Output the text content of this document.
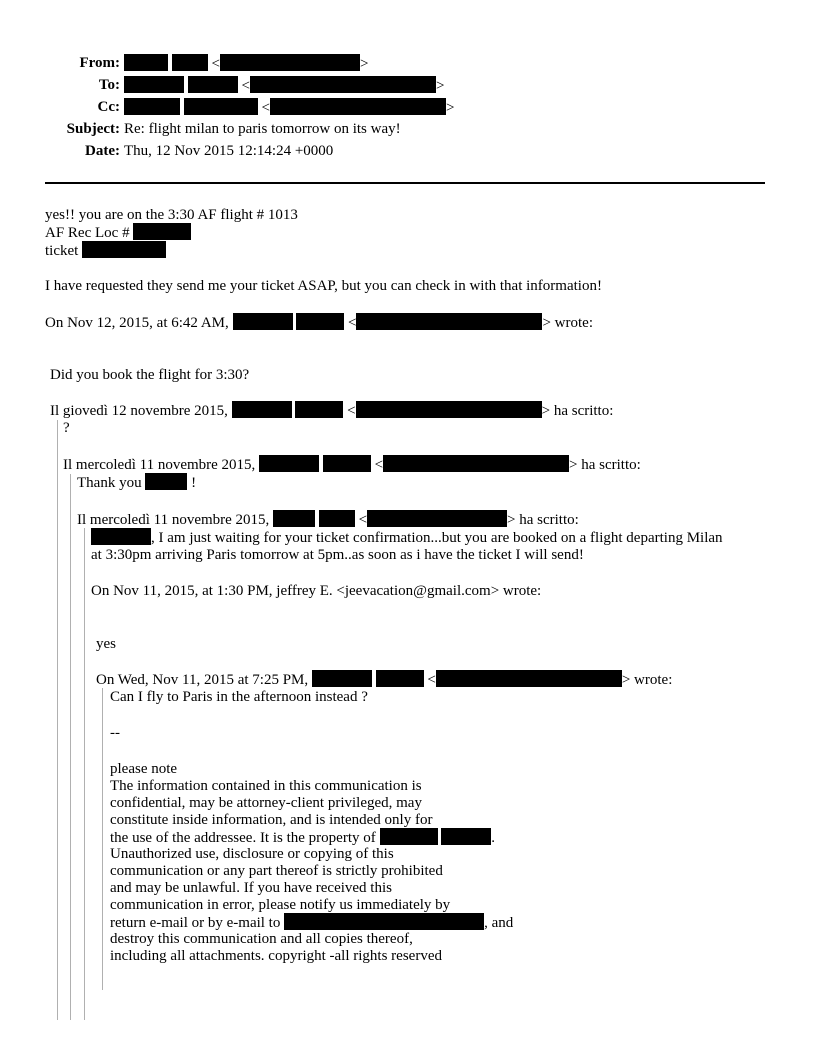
From:	<	>
To:	<	>
Cc:	<	>
Subject: Re: flight milan to paris tomorrow on its way!
Date: Thu, 12 Nov 2015 12:14:24 +0000
yes!! you are on the 3:30 AF flight # 1013
AF Rec Loc #
ticket
I have requested they send me your ticket ASAP, but you can check in with that information!
On Nov 12, 2015, at 6:42 AM,	<	> wrote:
Did you book the flight for 3:30?
Il giovedì 12 novembre 2015,	<	> ha scritto:
?
Il mercoledì 11 novembre 2015,	<	> ha scritto:
Thank you	!
Il mercoledì 11 novembre 2015,	<	> ha scritto:
, I am just waiting for your ticket confirmation...but you are booked on a flight departing Milan
at 3:30pm arriving Paris tomorrow at 5pm..as soon as i have the ticket I will send!
On Nov 11, 2015, at 1:30 PM, jeffrey E. <jeevacation@gmail.com> wrote:
yes
On Wed, Nov 11, 2015 at 7:25 PM,	<	> wrote:
Can I fly to Paris in the afternoon instead ?
--
please note
The information contained in this communication is
confidential, may be attorney-client privileged, may
constitute inside information, and is intended only for
the use of the addressee. It is the property of	.
Unauthorized use, disclosure or copying of this
communication or any part thereof is strictly prohibited
and may be unlawful. If you have received this
communication in error, please notify us immediately by
return e-mail or by e-mail to	, and
destroy this communication and all copies thereof,
including all attachments. copyright -all rights reserved
